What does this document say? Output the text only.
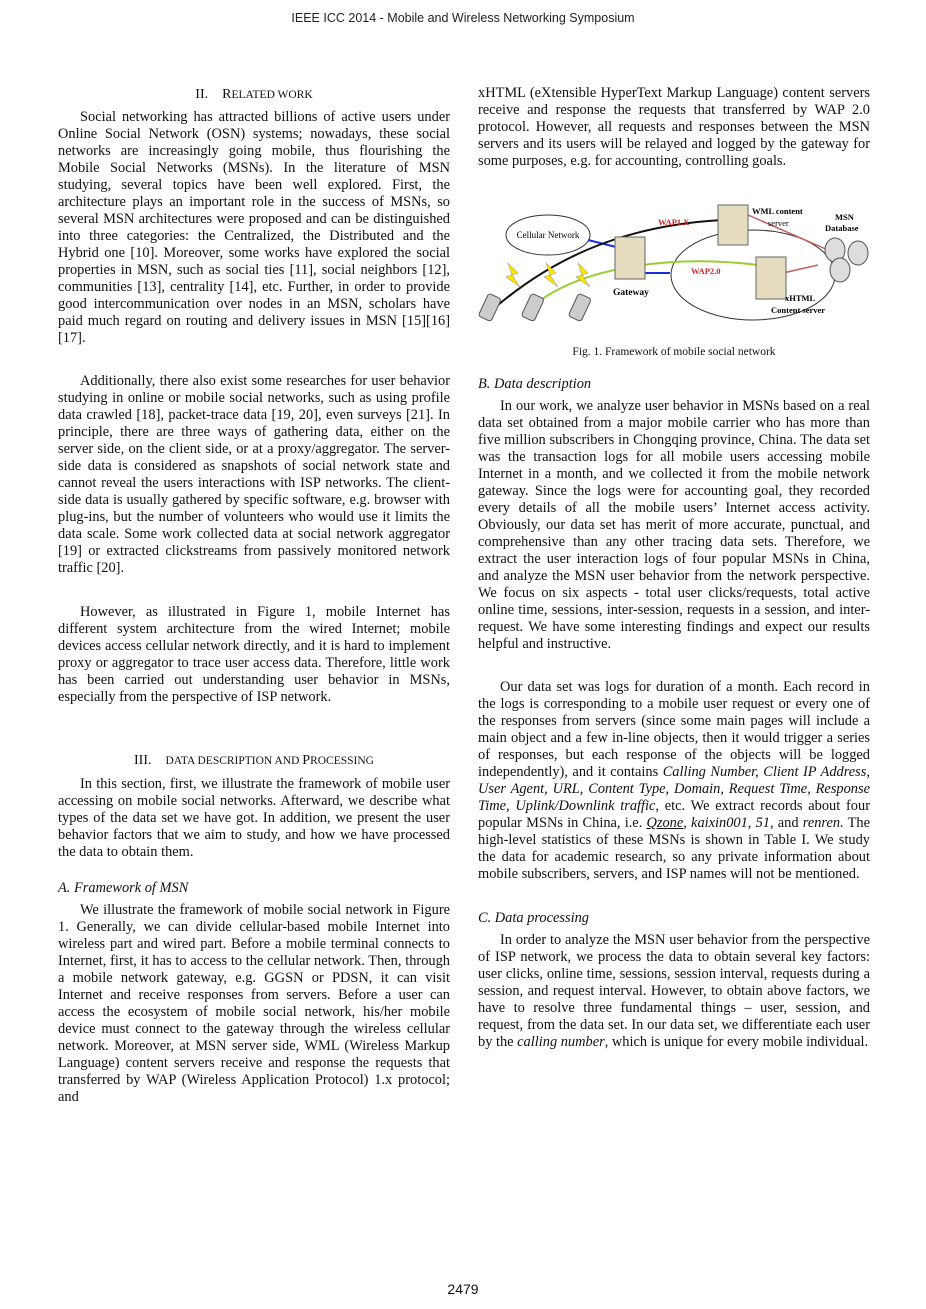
IEEE ICC 2014 - Mobile and Wireless Networking Symposium
II. RELATED WORK
Social networking has attracted billions of active users under Online Social Network (OSN) systems; nowadays, these social networks are increasingly going mobile, thus flourishing the Mobile Social Networks (MSNs). In the literature of MSN studying, several topics have been well explored. First, the architecture plays an important role in the success of MSNs, so several MSN architectures were proposed and can be distinguished into three categories: the Centralized, the Distributed and the Hybrid one [10]. Moreover, some works have explored the social properties in MSN, such as social ties [11], social neighbors [12], communities [13], centrality [14], etc. Further, in order to provide good intercommunication over nodes in an MSN, scholars have paid much regard on routing and delivery issues in MSN [15][16][17].
Additionally, there also exist some researches for user behavior studying in online or mobile social networks, such as using profile data crawled [18], packet-trace data [19, 20], even surveys [21]. In principle, there are three ways of gathering data, either on the server side, on the client side, or at a proxy/aggregator. The server-side data is considered as snapshots of social network state and cannot reveal the users interactions with ISP networks. The client-side data is usually gathered by specific software, e.g. browser with plug-ins, but the number of volunteers who would use it limits the data scale. Some work collected data at social network aggregator [19] or extracted clickstreams from passively monitored network traffic [20].
However, as illustrated in Figure 1, mobile Internet has different system architecture from the wired Internet; mobile devices access cellular network directly, and it is hard to implement proxy or aggregator to trace user access data. Therefore, little work has been carried out understanding user behavior in MSNs, especially from the perspective of ISP network.
III. DATA DESCRIPTION AND PROCESSING
In this section, first, we illustrate the framework of mobile user accessing on mobile social networks. Afterward, we describe what types of the data set we have got. In addition, we present the user behavior factors that we aim to study, and how we have processed the data to obtain them.
A. Framework of MSN
We illustrate the framework of mobile social network in Figure 1. Generally, we can divide cellular-based mobile Internet into wireless part and wired part. Before a mobile terminal connects to Internet, first, it has to access to the cellular network. Then, through a mobile network gateway, e.g. GGSN or PDSN, it can visit Internet and receive responses from servers. Before a user can access the ecosystem of mobile social network, his/her mobile device must connect to the gateway through the wireless cellular network. Moreover, at MSN server side, WML (Wireless Markup Language) content servers receive and response the requests that transferred by WAP (Wireless Application Protocol) 1.x protocol; and
xHTML (eXtensible HyperText Markup Language) content servers receive and response the requests that transferred by WAP 2.0 protocol. However, all requests and responses between the MSN servers and its users will be relayed and logged by the gateway for some purposes, e.g. for accounting, controlling goals.
Cellular Network
WAP1.X
WAP2.0
WML content
server
MSN
Database
Gateway	xHTML
Content server
Fig. 1. Framework of mobile social network
B. Data description
In our work, we analyze user behavior in MSNs based on a real data set obtained from a major mobile carrier who has more than five million subscribers in Chongqing province, China. The data set was the transaction logs for all mobile users accessing mobile Internet in a month, and we collected it from the mobile network gateway. Since the logs were for accounting goal, they recorded every details of all the mobile users’ Internet access activity. Obviously, our data set has merit of more accurate, punctual, and comprehensive than any other tracing data sets. Therefore, we extract the user interaction logs of four popular MSNs in China, and analyze the MSN user behavior from the network perspective. We focus on six aspects - total user clicks/requests, total active online time, sessions, inter-session, requests in a session, and inter-request. We have some interesting findings and expect our results helpful and instructive.
Our data set was logs for duration of a month. Each record in the logs is corresponding to a mobile user request or every one of the responses from servers (since some main pages will include a main object and a few in-line objects, then it would trigger a series of responses, but each response of the objects will be logged independently), and it contains Calling Number, Client IP Address, User Agent, URL, Content Type, Domain, Request Time, Response Time, Uplink/Downlink traffic, etc. We extract records about four popular MSNs in China, i.e. Qzone, kaixin001, 51, and renren. The high-level statistics of these MSNs is shown in Table I. We study the data for academic research, so any private information about mobile subscribers, servers, and ISP names will not be mentioned.
C. Data processing
In order to analyze the MSN user behavior from the perspective of ISP network, we process the data to obtain several key factors: user clicks, online time, sessions, session interval, requests during a session, and request interval. However, to obtain above factors, we have to resolve three fundamental things – user, session, and request, from the data set. In our data set, we differentiate each user by the calling number, which is unique for every mobile individual.
2479
